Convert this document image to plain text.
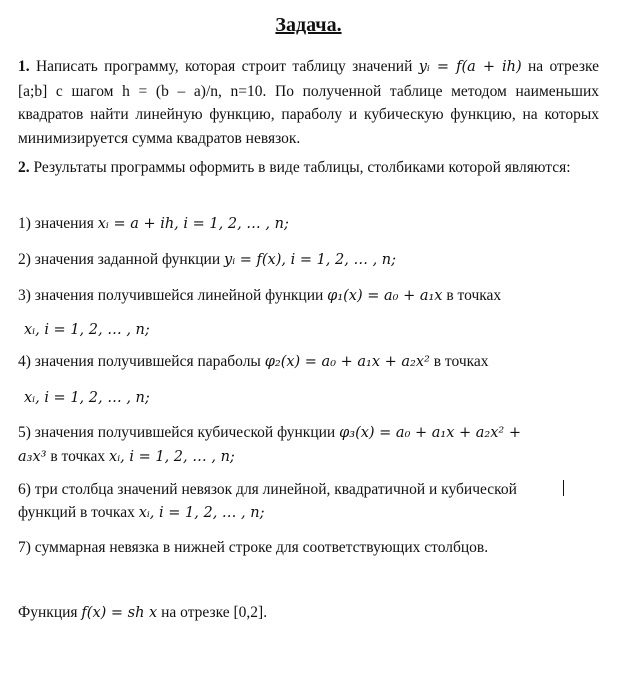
Задача.
1. Написать программу, которая строит таблицу значений yᵢ = f(a + ih) на отрезке [a;b] с шагом h = (b – a)/n, n=10. По полученной таблице методом наименьших квадратов найти линейную функцию, параболу и кубическую функцию, на которых минимизируется сумма квадратов невязок.
2. Результаты программы оформить в виде таблицы, столбиками которой являются:
1) значения xᵢ = a + ih, i = 1, 2, … , n;
2) значения заданной функции yᵢ = f(x), i = 1, 2, … , n;
3) значения получившейся линейной функции φ₁(x) = a₀ + a₁x в точках
xᵢ, i = 1, 2, … , n;
4) значения получившейся параболы φ₂(x) = a₀ + a₁x + a₂x² в точках
xᵢ, i = 1, 2, … , n;
5) значения получившейся кубической функции φ₃(x) = a₀ + a₁x + a₂x² +
a₃x³ в точках xᵢ, i = 1, 2, … , n;
6) три столбца значений невязок для линейной, квадратичной и кубической
функций в точках xᵢ, i = 1, 2, … , n;
7) суммарная невязка в нижней строке для соответствующих столбцов.
Функция f(x) = sh x на отрезке [0,2].
